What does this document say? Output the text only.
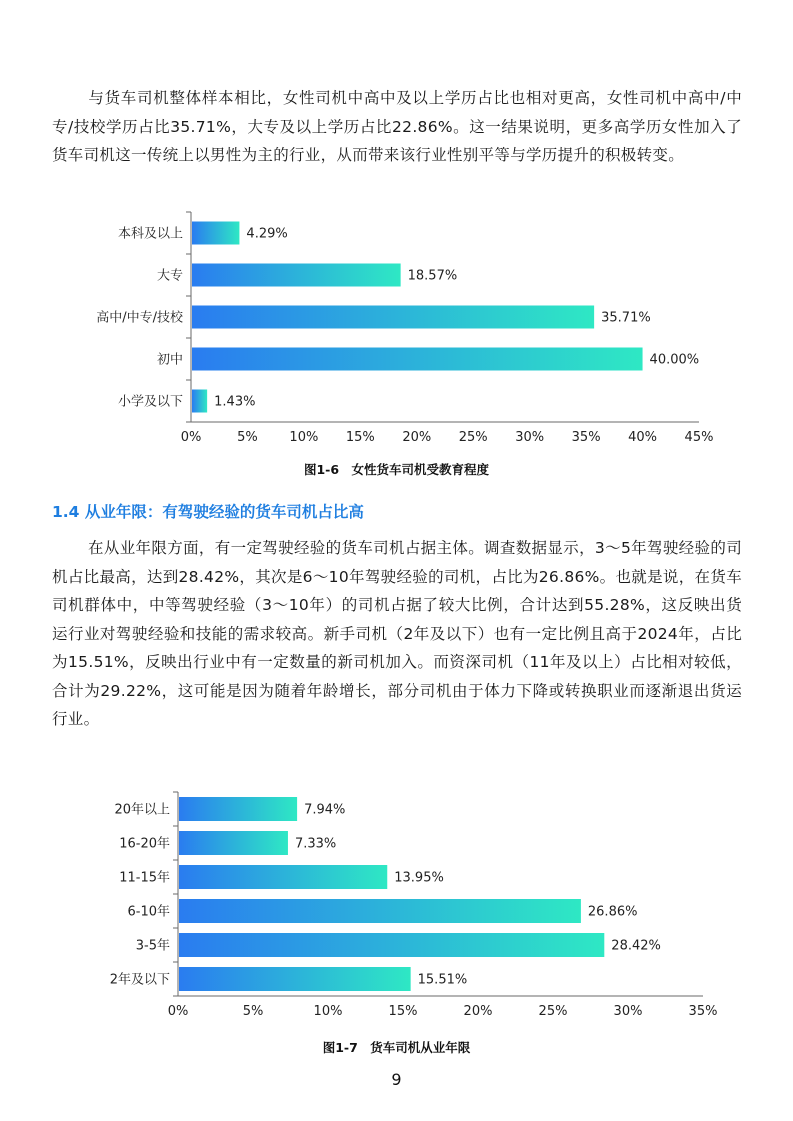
与货车司机整体样本相比，女性司机中高中及以上学历占比也相对更高，女性司机中高中/中专/技校学历占比35.71%，大专及以上学历占比22.86%。这一结果说明，更多高学历女性加入了货车司机这一传统上以男性为主的行业，从而带来该行业性别平等与学历提升的积极转变。

本科及以上	4.29%
大专	18.57%
高中/中专/技校	35.71%
初中	40.00%
小学及以下 1.43%
0%	5% 10% 15% 20% 25% 30% 35% 40% 45%
图1-6　女性货车司机受教育程度
1.4 从业年限：有驾驶经验的货车司机占比高

在从业年限方面，有一定驾驶经验的货车司机占据主体。调查数据显示，3～5年驾驶经验的司机占比最高，达到28.42%，其次是6～10年驾驶经验的司机，占比为26.86%。也就是说，在货车司机群体中，中等驾驶经验（3～10年）的司机占据了较大比例，合计达到55.28%，这反映出货运行业对驾驶经验和技能的需求较高。新手司机（2年及以下）也有一定比例且高于2024年，占比为15.51%，反映出行业中有一定数量的新司机加入。而资深司机（11年及以上）占比相对较低，合计为29.22%，这可能是因为随着年龄增长，部分司机由于体力下降或转换职业而逐渐退出货运行业。

20年以上	7.94%
16-20年	7.33%
11-15年	13.95%
6-10年	26.86%
3-5年	28.42%
2年及以下	15.51%
0%	5%	10%	15%	20%	25%	30%	35%
图1-7　货车司机从业年限
9
